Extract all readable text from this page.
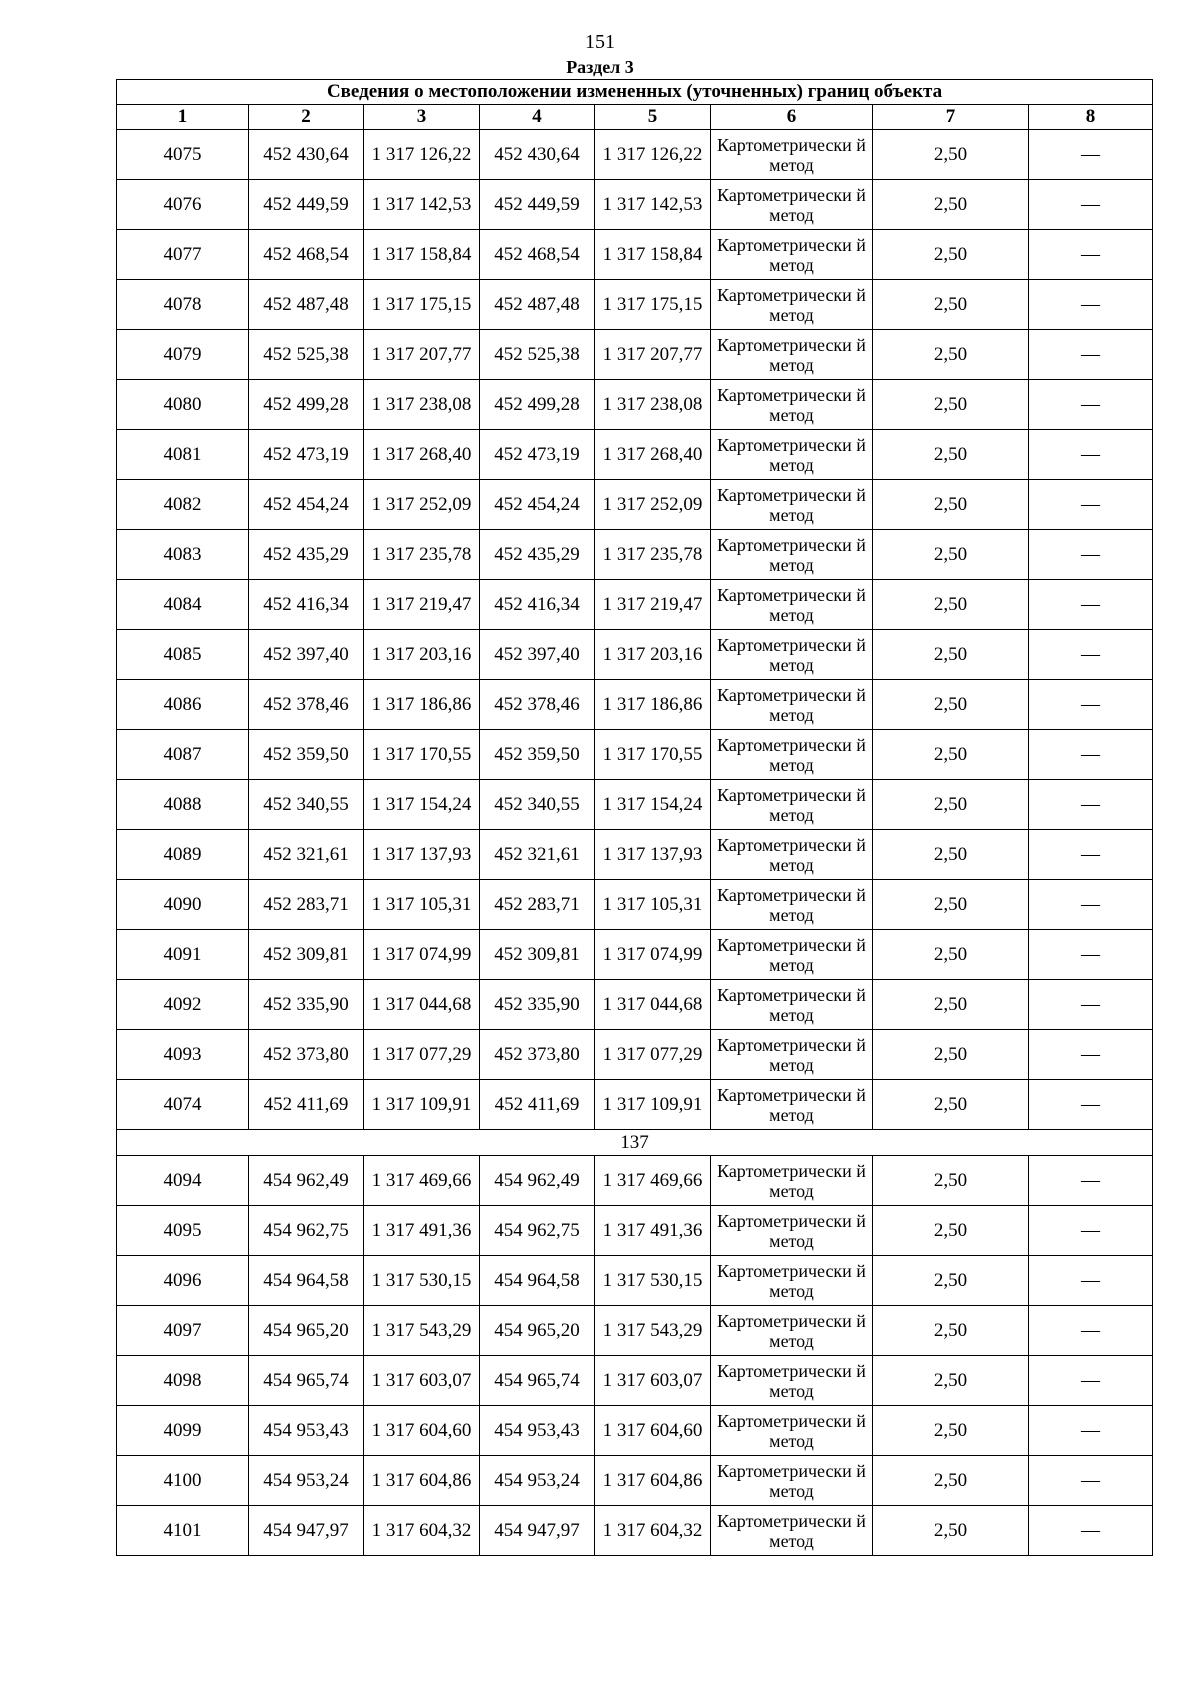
151
Раздел 3
Сведения о местоположении измененных (уточненных) границ объекта							
1	2	3	4	5	6	7	8
4075	452 430,64	1 317 126,22	452 430,64	1 317 126,22	Картометрически й метод	2,50	—
4076	452 449,59	1 317 142,53	452 449,59	1 317 142,53	Картометрически й метод	2,50	—
4077	452 468,54	1 317 158,84	452 468,54	1 317 158,84	Картометрически й метод	2,50	—
4078	452 487,48	1 317 175,15	452 487,48	1 317 175,15	Картометрически й метод	2,50	—
4079	452 525,38	1 317 207,77	452 525,38	1 317 207,77	Картометрически й метод	2,50	—
4080	452 499,28	1 317 238,08	452 499,28	1 317 238,08	Картометрически й метод	2,50	—
4081	452 473,19	1 317 268,40	452 473,19	1 317 268,40	Картометрически й метод	2,50	—
4082	452 454,24	1 317 252,09	452 454,24	1 317 252,09	Картометрически й метод	2,50	—
4083	452 435,29	1 317 235,78	452 435,29	1 317 235,78	Картометрически й метод	2,50	—
4084	452 416,34	1 317 219,47	452 416,34	1 317 219,47	Картометрически й метод	2,50	—
4085	452 397,40	1 317 203,16	452 397,40	1 317 203,16	Картометрически й метод	2,50	—
4086	452 378,46	1 317 186,86	452 378,46	1 317 186,86	Картометрически й метод	2,50	—
4087	452 359,50	1 317 170,55	452 359,50	1 317 170,55	Картометрически й метод	2,50	—
4088	452 340,55	1 317 154,24	452 340,55	1 317 154,24	Картометрически й метод	2,50	—
4089	452 321,61	1 317 137,93	452 321,61	1 317 137,93	Картометрически й метод	2,50	—
4090	452 283,71	1 317 105,31	452 283,71	1 317 105,31	Картометрически й метод	2,50	—
4091	452 309,81	1 317 074,99	452 309,81	1 317 074,99	Картометрически й метод	2,50	—
4092	452 335,90	1 317 044,68	452 335,90	1 317 044,68	Картометрически й метод	2,50	—
4093	452 373,80	1 317 077,29	452 373,80	1 317 077,29	Картометрически й метод	2,50	—
4074	452 411,69	1 317 109,91	452 411,69	1 317 109,91	Картометрически й метод	2,50	—
137							
4094	454 962,49	1 317 469,66	454 962,49	1 317 469,66	Картометрически й метод	2,50	—
4095	454 962,75	1 317 491,36	454 962,75	1 317 491,36	Картометрически й метод	2,50	—
4096	454 964,58	1 317 530,15	454 964,58	1 317 530,15	Картометрически й метод	2,50	—
4097	454 965,20	1 317 543,29	454 965,20	1 317 543,29	Картометрически й метод	2,50	—
4098	454 965,74	1 317 603,07	454 965,74	1 317 603,07	Картометрически й метод	2,50	—
4099	454 953,43	1 317 604,60	454 953,43	1 317 604,60	Картометрически й метод	2,50	—
4100	454 953,24	1 317 604,86	454 953,24	1 317 604,86	Картометрически й метод	2,50	—
4101	454 947,97	1 317 604,32	454 947,97	1 317 604,32	Картометрически й метод	2,50	—
